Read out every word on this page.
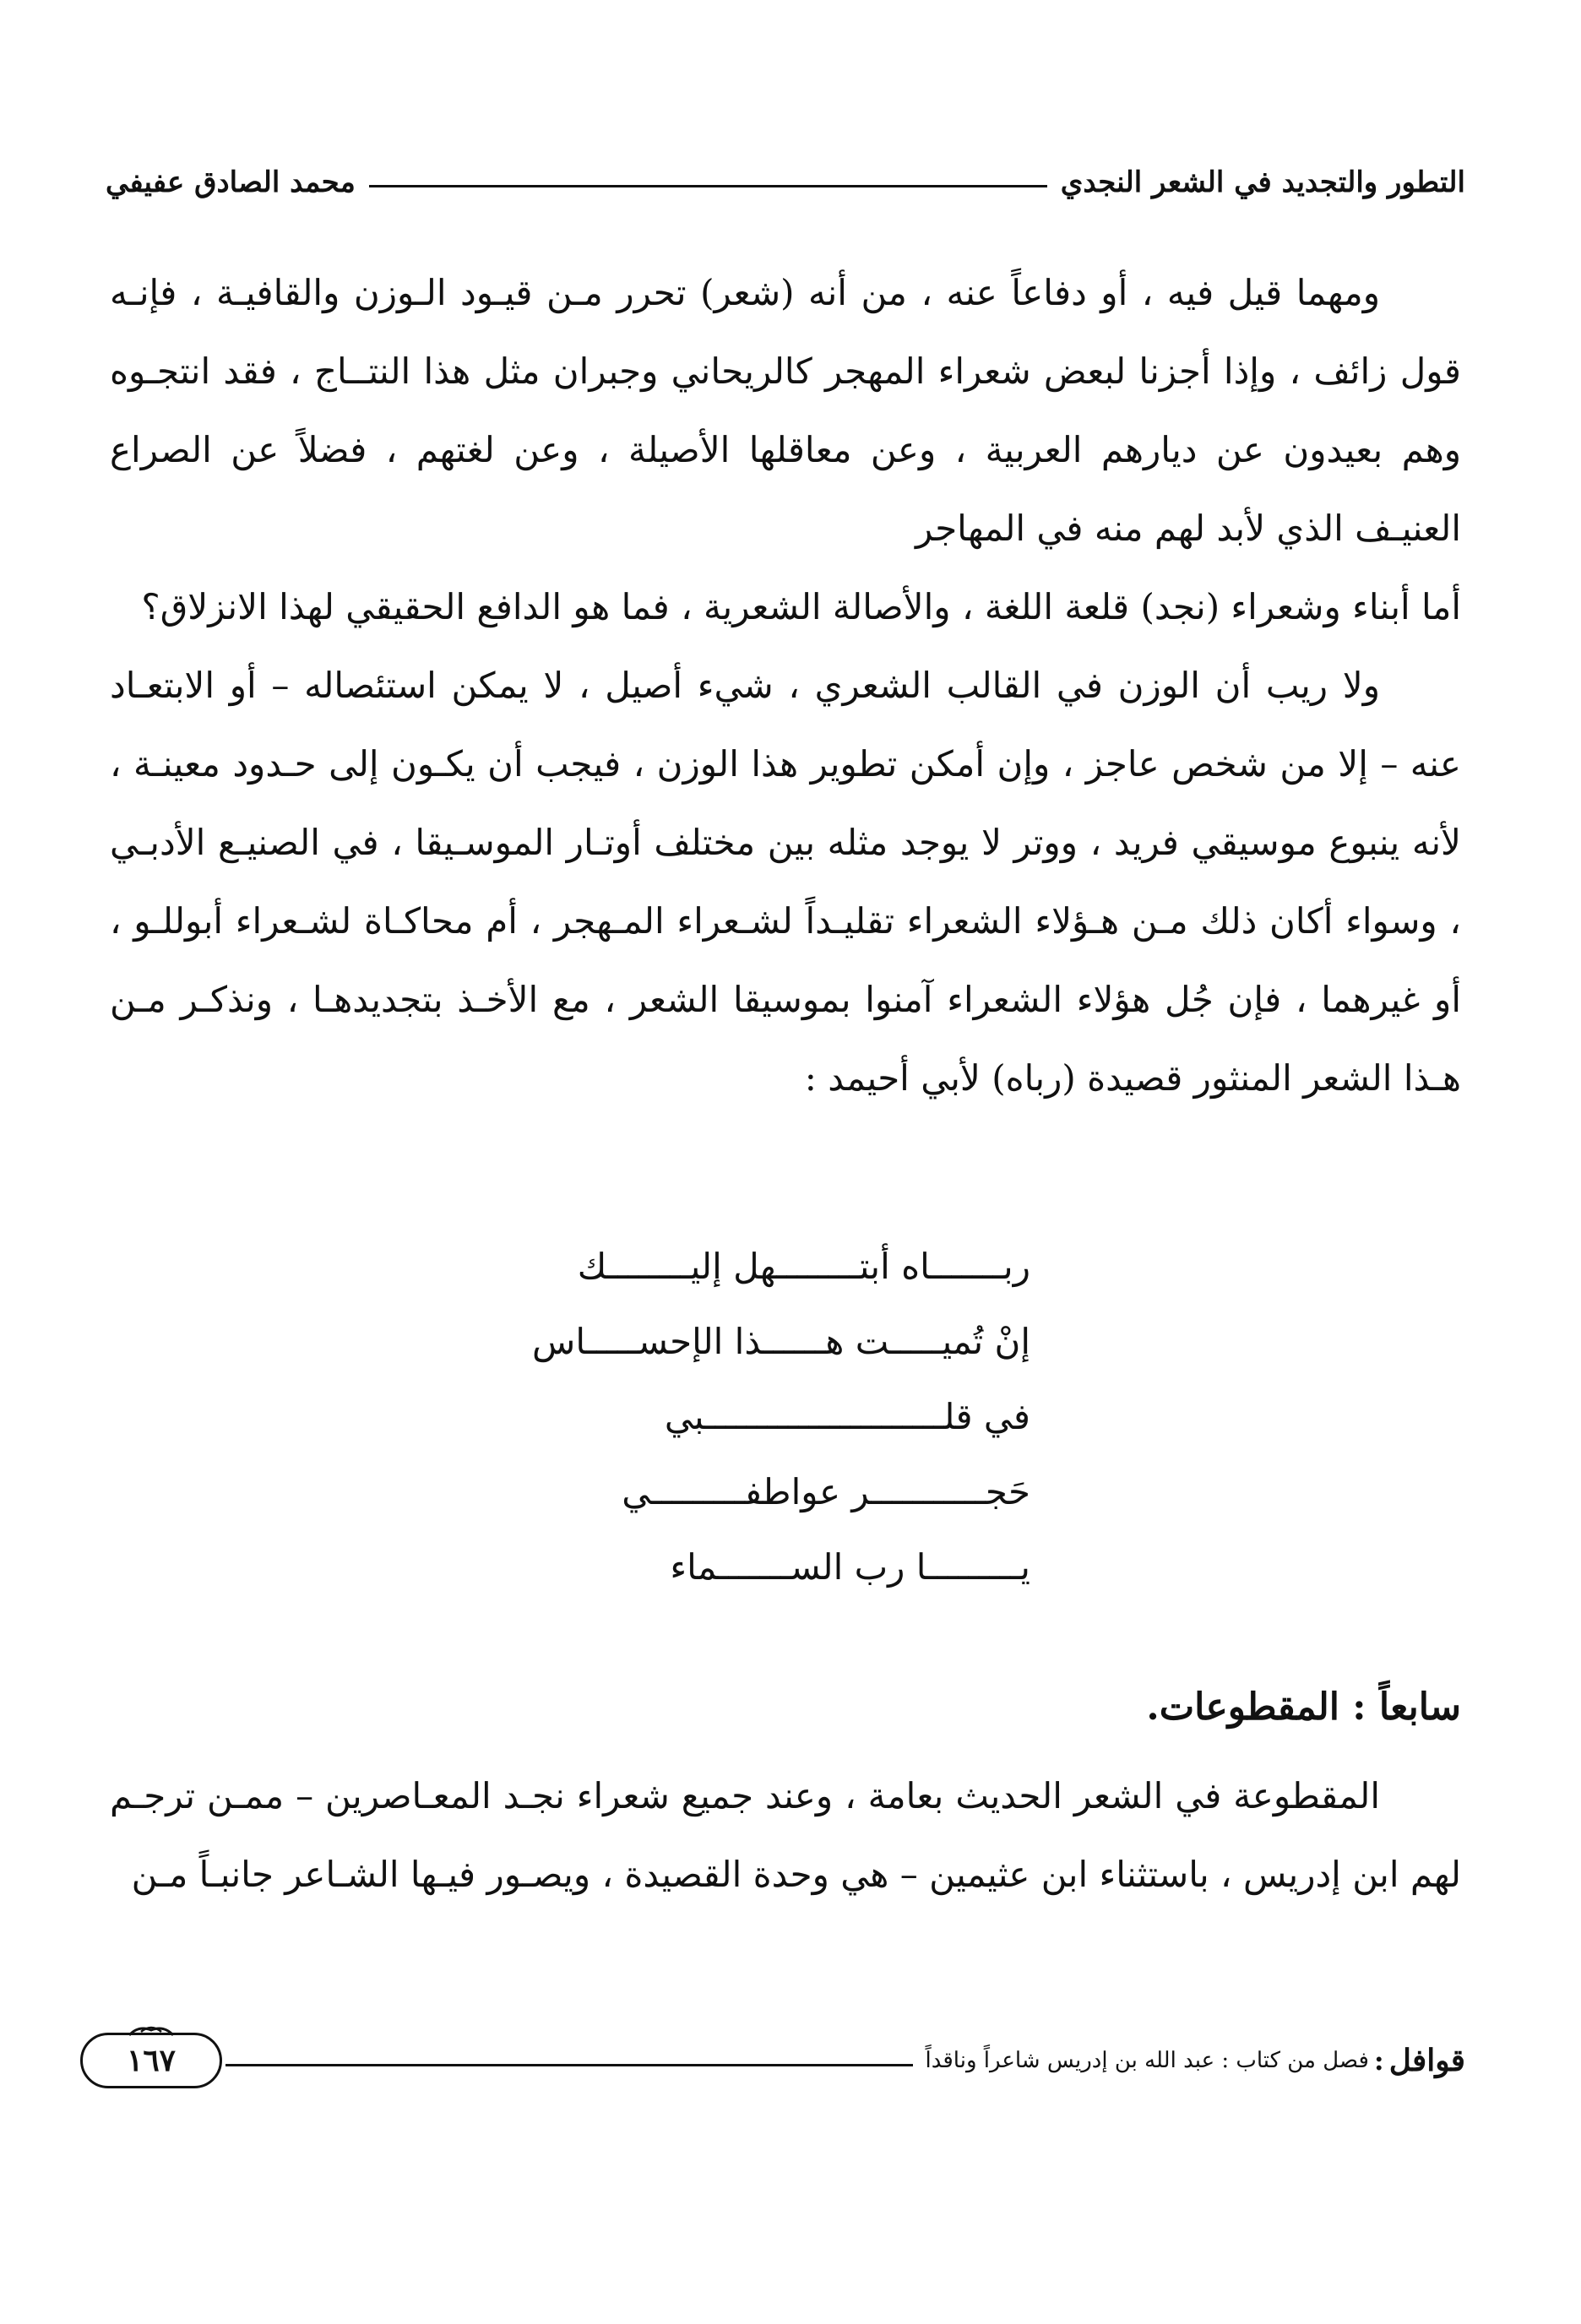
التطور والتجديد في الشعر النجدي
محمد الصادق عفيفي

ومهما قيل فيه ، أو دفاعاً عنه ، من أنه (شعر) تحرر مـن قيـود الـوزن والقافيـة ، فإنـه قول زائف ، وإذا أجزنا لبعض شعراء المهجر كالريحاني وجبران مثل هذا النتــاج ، فقد انتجـوه وهم بعيدون عن ديارهم العربية ، وعن معاقلها الأصيلة ، وعن لغتهم ، فضلاً عن الصراع العنيـف الذي لأبد لهم منه في المهاجر

أما أبناء وشعراء (نجد) قلعة اللغة ، والأصالة الشعرية ، فما هو الدافع الحقيقي لهذا الانزلاق؟

ولا ريب أن الوزن في القالب الشعري ، شيء أصيل ، لا يمكن استئصاله – أو الابتعـاد عنه – إلا من شخص عاجز ، وإن أمكن تطوير هذا الوزن ، فيجب أن يكـون إلى حـدود معينـة ، لأنه ينبوع موسيقي فريد ، ووتر لا يوجد مثله بين مختلف أوتـار الموسـيقا ، في الصنيـع الأدبـي ، وسواء أكان ذلك مـن هـؤلاء الشعراء تقليـداً لشـعراء المـهجر ، أم محاكـاة لشـعراء أبوللـو ، أو غيرهما ، فإن جُل هؤلاء الشعراء آمنوا بموسيقا الشعر ، مع الأخـذ بتجديدهـا ، ونذكـر مـن هـذا الشعر المنثور قصيدة (رباه) لأبي أحيمد :

ربـــــــاه أبتــــــــهل إليــــــــك
إنْ تُميـــــت هــــــذا الإحســـــاس
في قلـــــــــــــــــــــــبي
حَجـــــــــــر عواطفـــــــــي
يـــــــــا رب الســـــــماء
سابعاً : المقطوعات.

المقطوعة في الشعر الحديث بعامة ، وعند جميع شعراء نجـد المعـاصرين – ممـن ترجـم لهم ابن إدريس ، باستثناء ابن عثيمين – هي وحدة القصيدة ، ويصـور فيـها الشـاعر جانبـاً مـن

قوافل
:
فصل من كتاب : عبد الله بن إدريس شاعراً وناقداً
١٦٧
